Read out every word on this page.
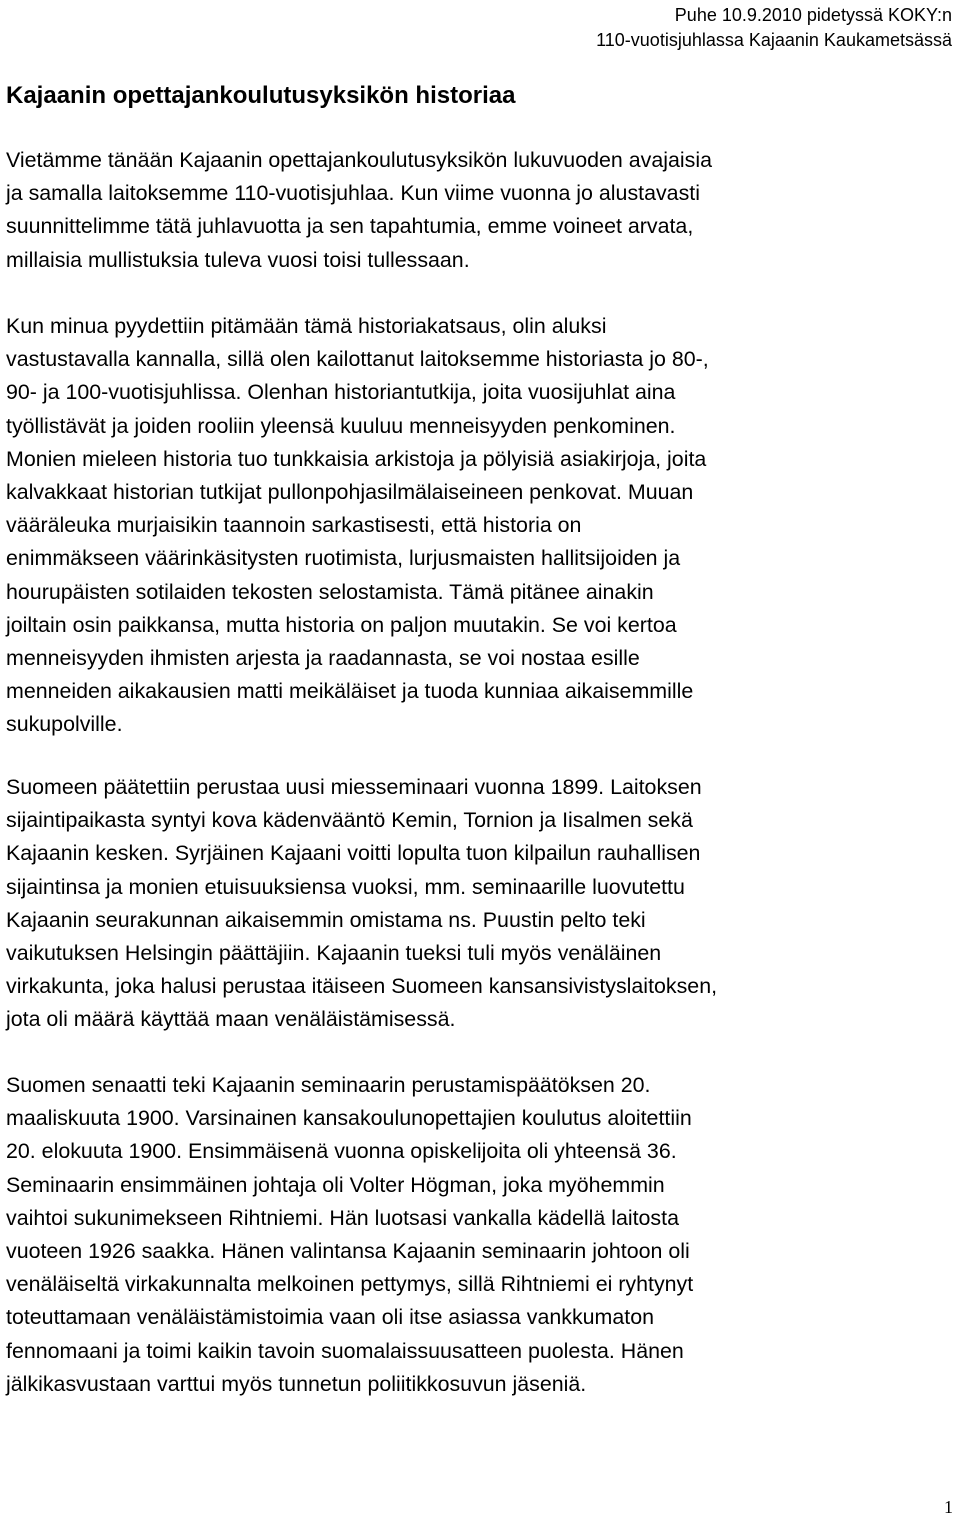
Puhe 10.9.2010 pidetyssä KOKY:n
110-vuotisjuhlassa Kajaanin Kaukametsässä
Kajaanin opettajankoulutusyksikön historiaa

Vietämme tänään Kajaanin opettajankoulutusyksikön lukuvuoden avajaisia
ja samalla laitoksemme 110-vuotisjuhlaa. Kun viime vuonna jo alustavasti
suunnittelimme tätä juhlavuotta ja sen tapahtumia, emme voineet arvata,
millaisia mullistuksia tuleva vuosi toisi tullessaan.

Kun minua pyydettiin pitämään tämä historiakatsaus, olin aluksi
vastustavalla kannalla, sillä olen kailottanut laitoksemme historiasta jo 80-,
90- ja 100-vuotisjuhlissa. Olenhan historiantutkija, joita vuosijuhlat aina
työllistävät ja joiden rooliin yleensä kuuluu menneisyyden penkominen.
Monien mieleen historia tuo tunkkaisia arkistoja ja pölyisiä asiakirjoja, joita
kalvakkaat historian tutkijat pullonpohjasilmälaiseineen penkovat. Muuan
vääräleuka murjaisikin taannoin sarkastisesti, että historia on
enimmäkseen väärinkäsitysten ruotimista, lurjusmaisten hallitsijoiden ja
hourupäisten sotilaiden tekosten selostamista. Tämä pitänee ainakin
joiltain osin paikkansa, mutta historia on paljon muutakin. Se voi kertoa
menneisyyden ihmisten arjesta ja raadannasta, se voi nostaa esille
menneiden aikakausien matti meikäläiset ja tuoda kunniaa aikaisemmille
sukupolville.

Suomeen päätettiin perustaa uusi miesseminaari vuonna 1899. Laitoksen
sijaintipaikasta syntyi kova kädenvääntö Kemin, Tornion ja Iisalmen sekä
Kajaanin kesken. Syrjäinen Kajaani voitti lopulta tuon kilpailun rauhallisen
sijaintinsa ja monien etuisuuksiensa vuoksi, mm. seminaarille luovutettu
Kajaanin seurakunnan aikaisemmin omistama ns. Puustin pelto teki
vaikutuksen Helsingin päättäjiin. Kajaanin tueksi tuli myös venäläinen
virkakunta, joka halusi perustaa itäiseen Suomeen kansansivistyslaitoksen,
jota oli määrä käyttää maan venäläistämisessä.

Suomen senaatti teki Kajaanin seminaarin perustamispäätöksen 20.
maaliskuuta 1900. Varsinainen kansakoulunopettajien koulutus aloitettiin
20. elokuuta 1900. Ensimmäisenä vuonna opiskelijoita oli yhteensä 36.
Seminaarin ensimmäinen johtaja oli Volter Högman, joka myöhemmin
vaihtoi sukunimekseen Rihtniemi. Hän luotsasi vankalla kädellä laitosta
vuoteen 1926 saakka. Hänen valintansa Kajaanin seminaarin johtoon oli
venäläiseltä virkakunnalta melkoinen pettymys, sillä Rihtniemi ei ryhtynyt
toteuttamaan venäläistämistoimia vaan oli itse asiassa vankkumaton
fennomaani ja toimi kaikin tavoin suomalaissuusatteen puolesta. Hänen
jälkikasvustaan varttui myös tunnetun poliitikkosuvun jäseniä.

1
